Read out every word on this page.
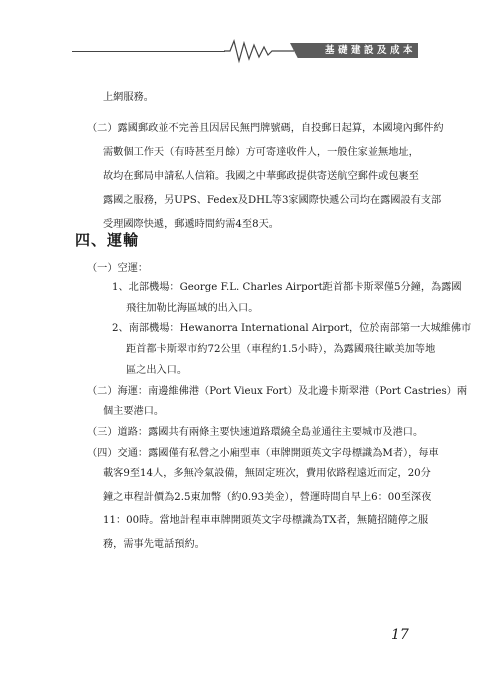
基礎建設及成本
上網服務。
（二）露國郵政並不完善且因居民無門牌號碼，自投郵日起算，本國境內郵件約
需數個工作天（有時甚至月餘）方可寄達收件人，一般住家並無地址，
故均在郵局申請私人信箱。我國之中華郵政提供寄送航空郵件或包裹至
露國之服務，另UPS、Fedex及DHL等3家國際快遞公司均在露國設有支部
受理國際快遞，郵遞時間約需4至8天。
四、運輸
（一）空運：
1、北部機場：George F.L. Charles Airport距首都卡斯翠僅5分鐘，為露國
飛往加勒比海區域的出入口。
2、南部機場：Hewanorra International Airport，位於南部第一大城維佛市
距首都卡斯翠市約72公里（車程約1.5小時），為露國飛往歐美加等地
區之出入口。
（二）海運：南邊維佛港（Port Vieux Fort）及北邊卡斯翠港（Port Castries）兩
個主要港口。
（三）道路：露國共有兩條主要快速道路環繞全島並通往主要城市及港口。
（四）交通：露國僅有私營之小廂型車（車牌開頭英文字母標識為M者），每車
載客9至14人，多無冷氣設備，無固定班次，費用依路程遠近而定，20分
鐘之車程計價為2.5東加幣（約0.93美金），營運時間自早上6：00至深夜
11：00時。當地計程車車牌開頭英文字母標識為TX者，無隨招隨停之服
務，需事先電話預約。
17
